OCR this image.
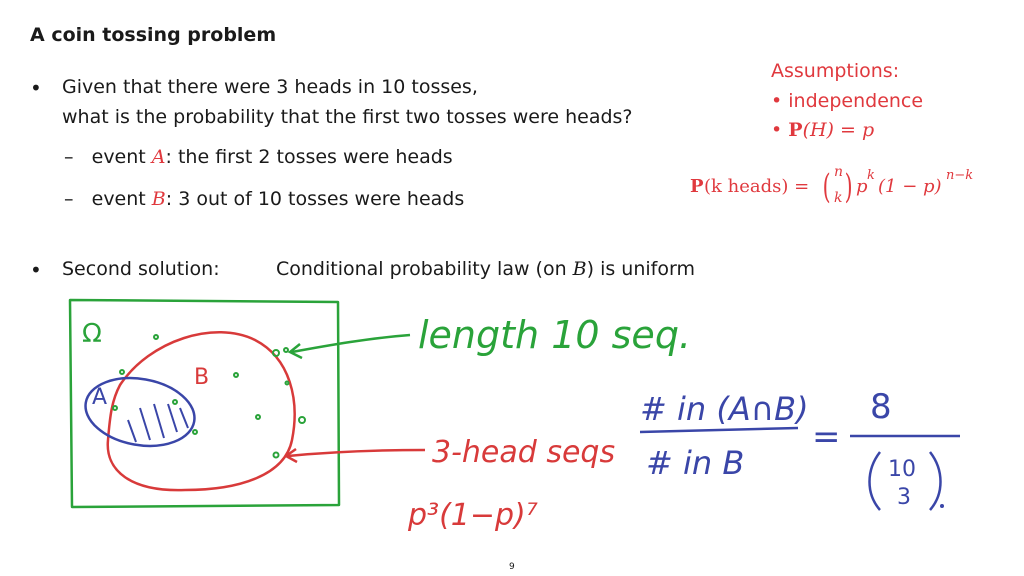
A coin tossing problem
• Given that there were 3 heads in 10 tosses,
what is the probability that the first two tosses were heads?
– event A: the first 2 tosses were heads
– event B: 3 out of 10 tosses were heads
Assumptions:
• independence
• P(H) = p
P (k heads) = ( n
k ) p
k
(1 − p)
n−k
• Second solution:	Conditional probability law (on B) is uniform
Ω
A
B
length 10 seq.
3-head seqs
p³(1−p)⁷
# in (A∩B)
# in B
=
8
10
3
9
